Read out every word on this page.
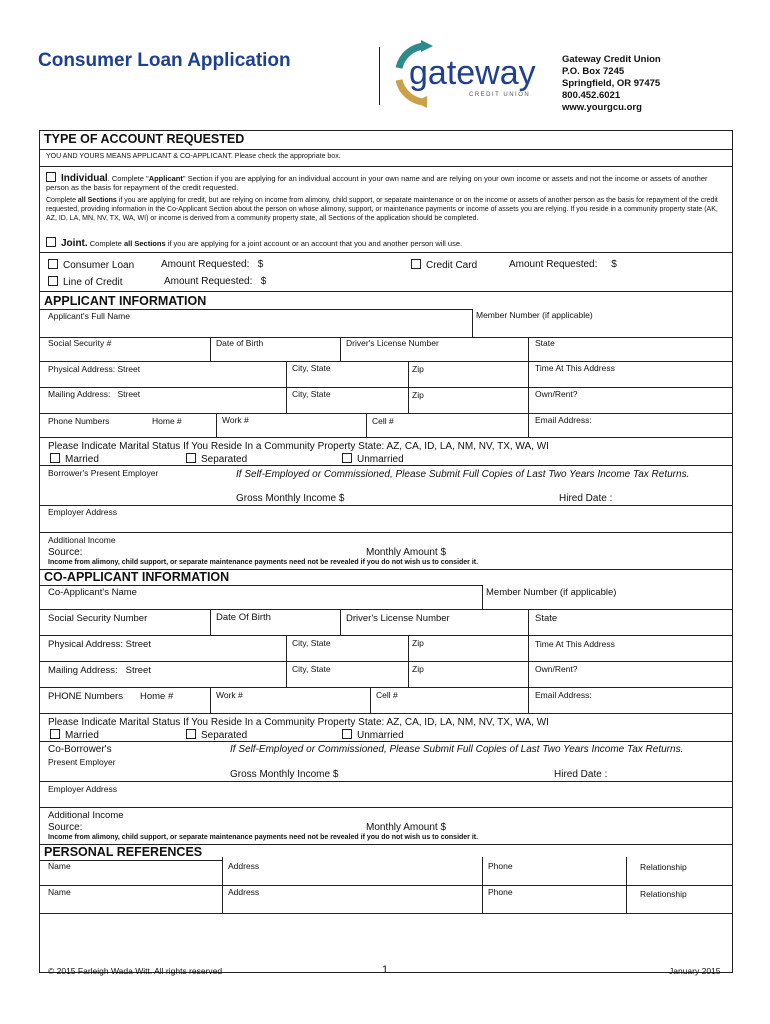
Consumer Loan Application	gateway
CREDIT UNION
Gateway Credit Union
P.O. Box 7245
Springfield, OR 97475
800.452.6021
www.yourgcu.org
TYPE OF ACCOUNT REQUESTED
YOU AND YOURS MEANS APPLICANT & CO-APPLICANT. Please check the appropriate box.
Individual. Complete "Applicant" Section if you are applying for an individual account in your own name and are relying on your own income or assets and not the income or assets of another person as the basis for repayment of the credit requested.
Complete all Sections if you are applying for credit, but are relying on income from alimony, child support, or separate maintenance or on the income or assets of another person as the basis for repayment of the credit requested, providing information in the Co-Applicant Section about the person on whose alimony, support, or maintenance payments or income of assets you are relying. If you reside in a community property state (AK, AZ, ID, LA, MN, NV, TX, WA, WI) or income is derived from a community property state, all Sections of the application should be completed.
Joint. Complete all Sections if you are applying for a joint account or an account that you and another person will use.
Consumer Loan	Amount Requested: $	Credit Card	Amount Requested: $
Line of Credit	Amount Requested: $
APPLICANT INFORMATION
Applicant's Full Name	Member Number (if applicable)
Social Security #	Date of Birth	Driver's License Number	State
Physical Address: Street	City, State	Zip	Time At This Address
Mailing Address: Street	City, State	Zip	Own/Rent?
Phone Numbers	Home #	Work #	Cell #	Email Address:
Please Indicate Marital Status If You Reside In a Community Property State: AZ, CA, ID, LA, NM, NV, TX, WA, WI
Married	Separated	Unmarried
Borrower's Present Employer	If Self-Employed or Commissioned, Please Submit Full Copies of Last Two Years Income Tax Returns.
Gross Monthly Income $	Hired Date :
Employer Address
Additional Income
Source:	Monthly Amount $
Income from alimony, child support, or separate maintenance payments need not be revealed if you do not wish us to consider it.
CO-APPLICANT INFORMATION
Co-Applicant's Name	Member Number (if applicable)
Social Security Number	Date Of Birth	Driver's License Number	State
Physical Address: Street	City, State	Zip	Time At This Address
Mailing Address: Street	City, State	Zip	Own/Rent?
PHONE Numbers Home #	Work #	Cell #	Email Address:
Please Indicate Marital Status If You Reside In a Community Property State: AZ, CA, ID, LA, NM, NV, TX, WA, WI
Married	Separated	Unmarried
Co-Borrower's
Present Employer
If Self-Employed or Commissioned, Please Submit Full Copies of Last Two Years Income Tax Returns.
Gross Monthly Income $	Hired Date :
Employer Address
Additional Income
Source:	Monthly Amount $
Income from alimony, child support, or separate maintenance payments need not be revealed if you do not wish us to consider it.
PERSONAL REFERENCES
Name	Address	Phone	Relationship
Name	Address	Phone	Relationship
© 2015 Farleigh Wada Witt. All rights reserved	1	January 2015
